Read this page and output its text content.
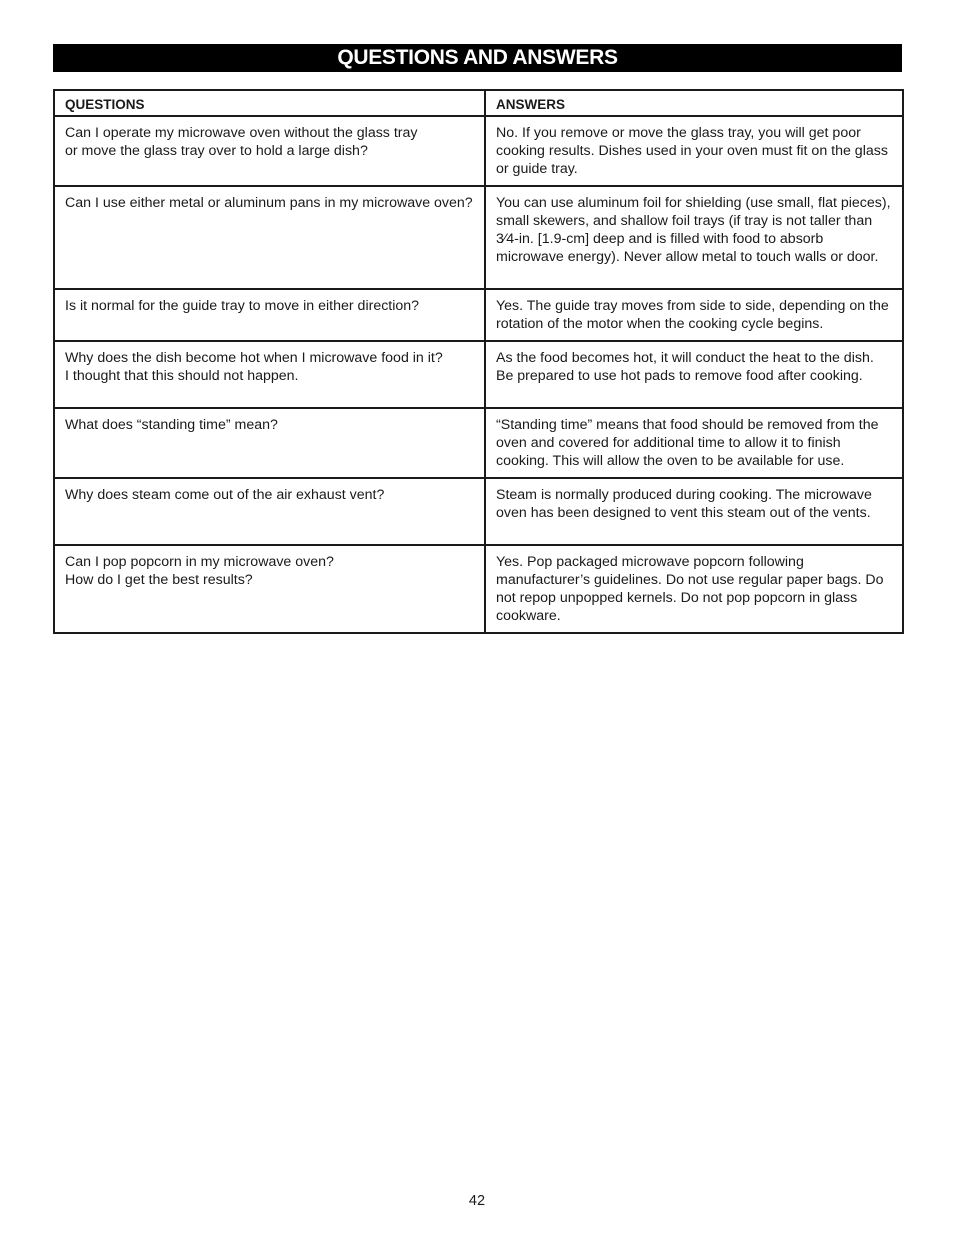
QUESTIONS AND ANSWERS
QUESTIONS	ANSWERS
Can I operate my microwave oven without the glass tray
or move the glass tray over to hold a large dish?	No. If you remove or move the glass tray, you will get poor cooking results. Dishes used in your oven must fit on the glass or guide tray.
Can I use either metal or aluminum pans in my microwave oven?	You can use aluminum foil for shielding (use small, flat pieces), small skewers, and shallow foil trays (if tray is not taller than 3⁄4-in. [1.9-cm] deep and is filled with food to absorb microwave energy). Never allow metal to touch walls or door.
Is it normal for the guide tray to move in either direction?	Yes. The guide tray moves from side to side, depending on the rotation of the motor when the cooking cycle begins.
Why does the dish become hot when I microwave food in it?
I thought that this should not happen.	As the food becomes hot, it will conduct the heat to the dish. Be prepared to use hot pads to remove food after cooking.
What does “standing time” mean?	“Standing time” means that food should be removed from the oven and covered for additional time to allow it to finish cooking. This will allow the oven to be available for use.
Why does steam come out of the air exhaust vent?	Steam is normally produced during cooking. The microwave oven has been designed to vent this steam out of the vents.
Can I pop popcorn in my microwave oven?
How do I get the best results?	Yes. Pop packaged microwave popcorn following manufacturer’s guidelines. Do not use regular paper bags. Do not repop unpopped kernels. Do not pop popcorn in glass cookware.
42
